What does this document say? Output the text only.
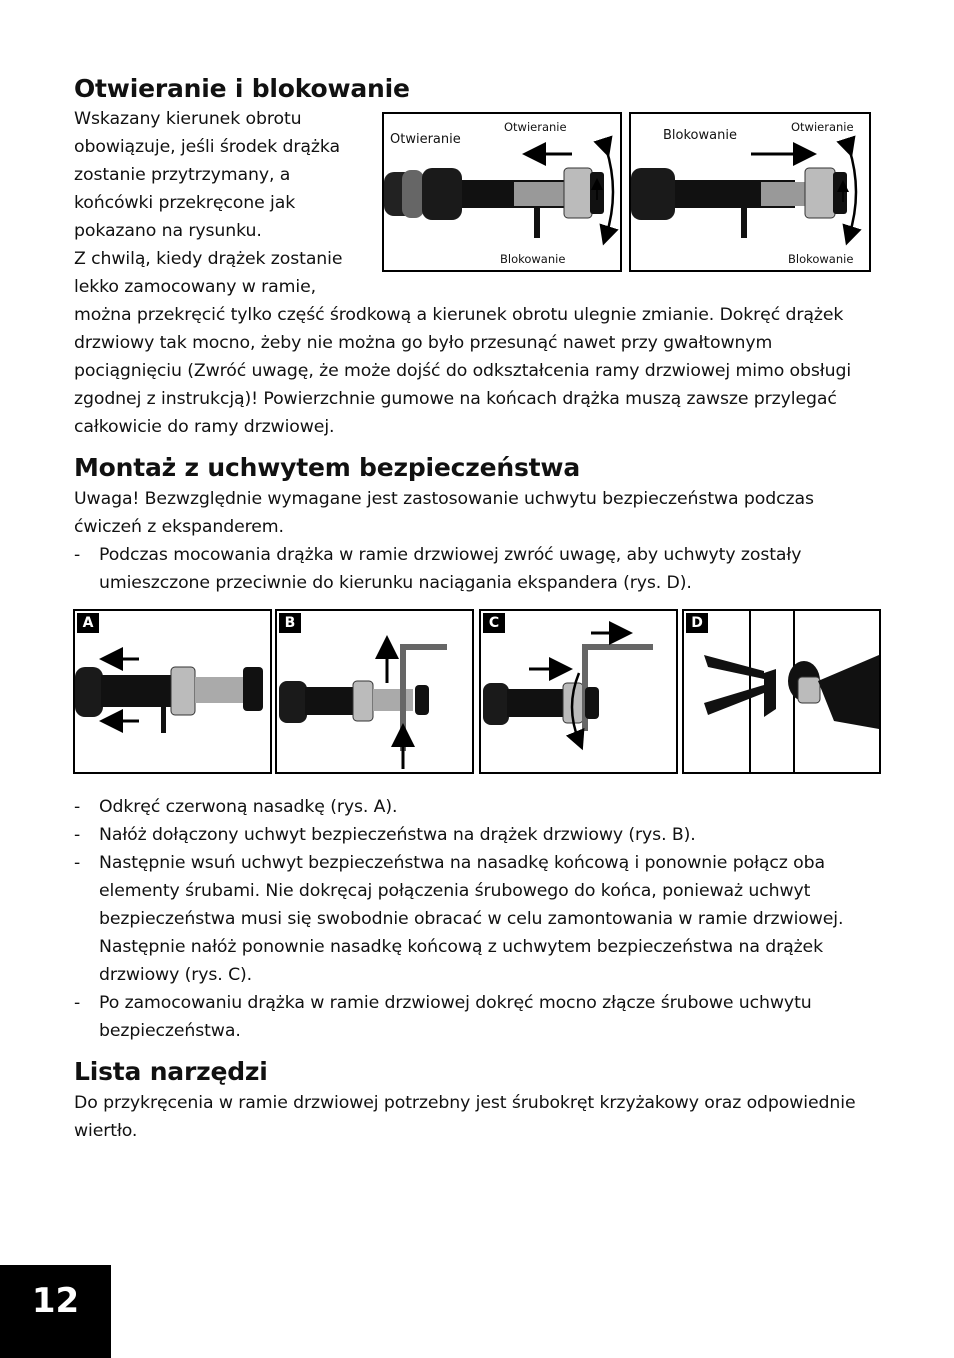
Otwieranie i blokowanie

Wskazany kierunek obrotu

obowiązuje, jeśli środek drążka

zostanie przytrzymany, a

końcówki przekręcone jak

pokazano na rysunku.

Z chwilą, kiedy drążek zostanie

lekko zamocowany w ramie,

można przekręcić tylko część środkową a kierunek obrotu ulegnie zmianie. Dokręć drążek drzwiowy tak mocno, żeby nie można go było przesunąć nawet przy gwałtownym pociągnięciu (Zwróć uwagę, że może dojść do odkształcenia ramy drzwiowej mimo obsługi zgodnej z instrukcją)! Powierzchnie gumowe na końcach drążka muszą zawsze przylegać całkowicie do ramy drzwiowej.

Montaż z uchwytem bezpieczeństwa

Uwaga! Bezwzględnie wymagane jest zastosowanie uchwytu bezpieczeństwa podczas ćwiczeń z ekspanderem.

- Podczas mocowania drążka w ramie drzwiowej zwróć uwagę, aby uchwyty zostały umieszczone przeciwnie do kierunku naciągania ekspandera (rys. D).
- Odkręć czerwoną nasadkę (rys. A).
- Nałóż dołączony uchwyt bezpieczeństwa na drążek drzwiowy (rys. B).
- Następnie wsuń uchwyt bezpieczeństwa na nasadkę końcową i ponownie połącz oba elementy śrubami. Nie dokręcaj połączenia śrubowego do końca, ponieważ uchwyt bezpieczeństwa musi się swobodnie obracać w celu zamontowania w ramie drzwiowej. Następnie nałóż ponownie nasadkę końcową z uchwytem bezpieczeństwa na drążek drzwiowy (rys. C).
- Po zamocowaniu drążka w ramie drzwiowej dokręć mocno złącze śrubowe uchwytu bezpieczeństwa.
Lista narzędzi

Do przykręcenia w ramie drzwiowej potrzebny jest śrubokręt krzyżakowy oraz odpowiednie wiertło.

Otwieranie
Otwieranie
Blokowanie
Blokowanie
Otwieranie
Blokowanie
A	B	C	D
12
